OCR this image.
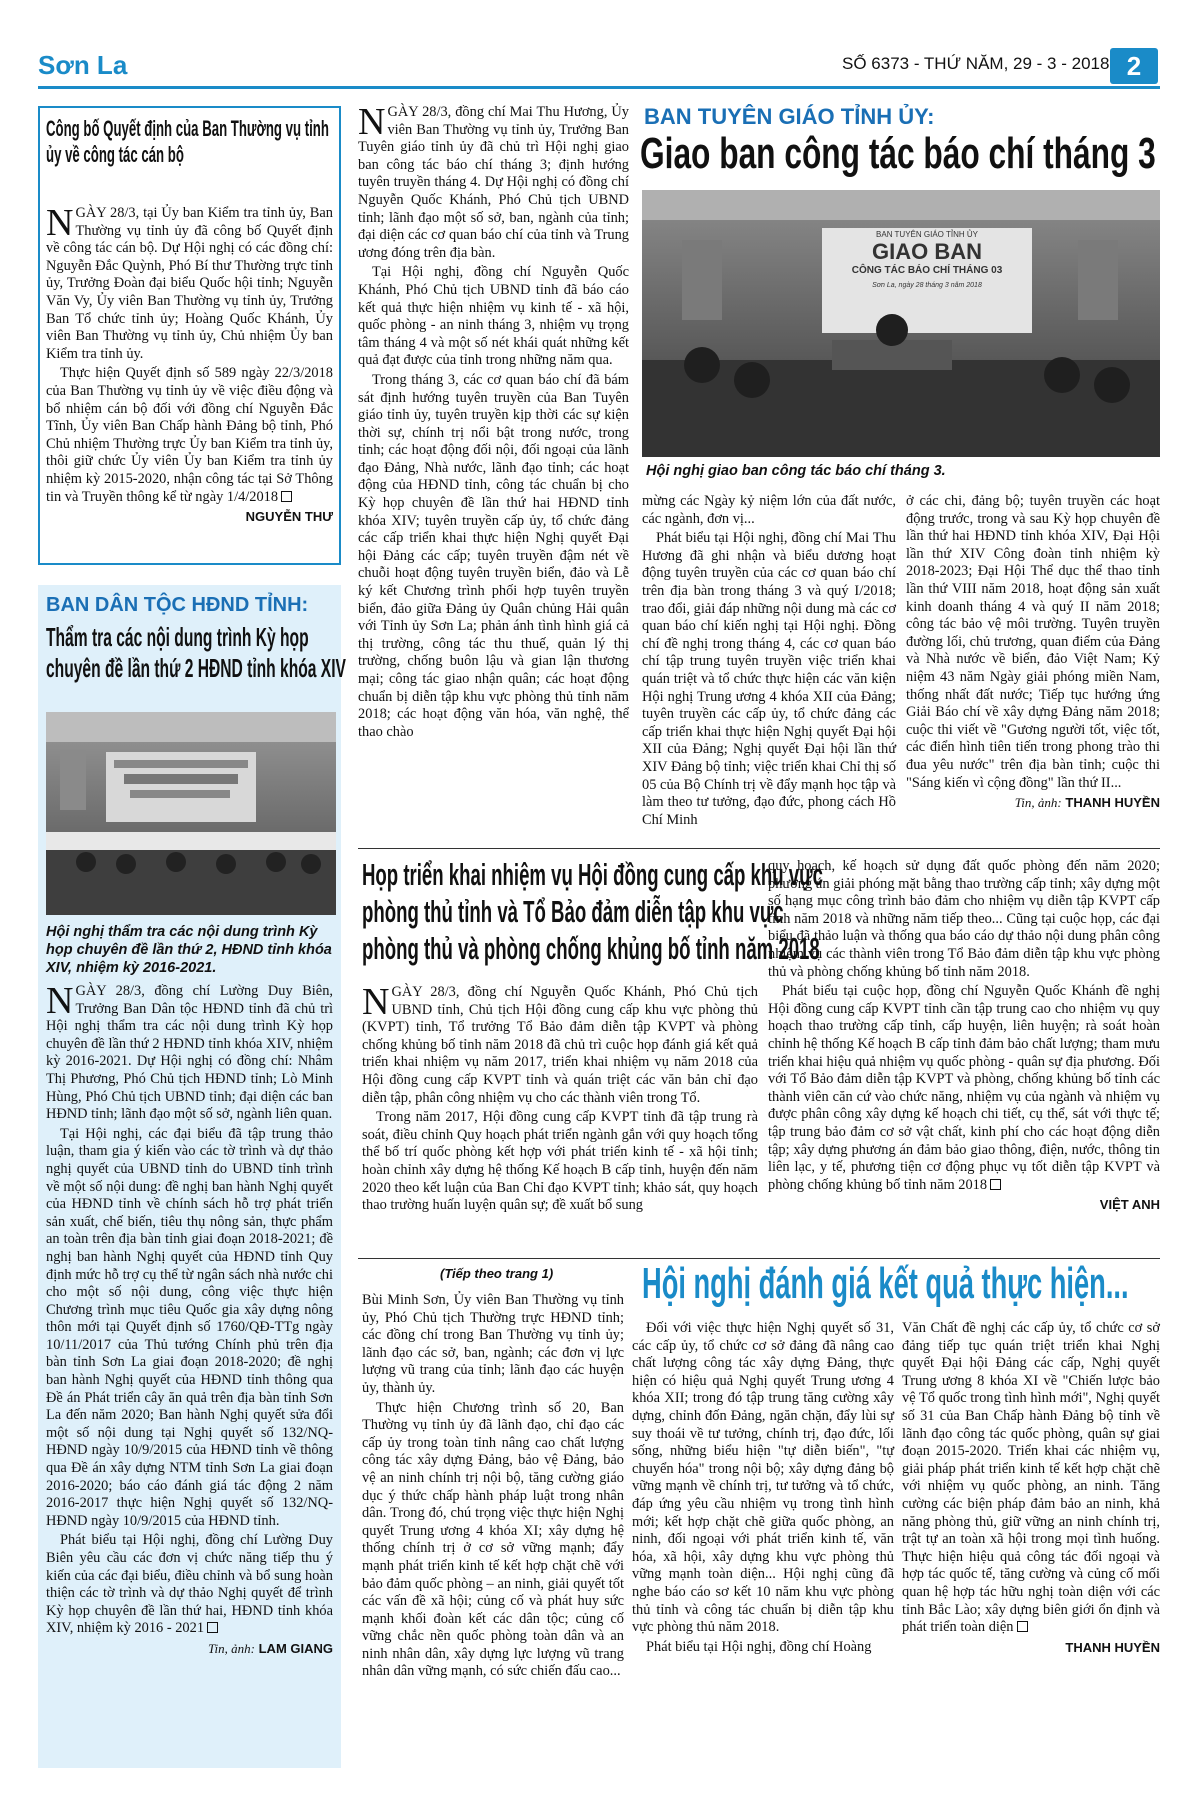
Sơn La	SỐ 6373 - THỨ NĂM, 29 - 3 - 2018 2
Công bố Quyết định của Ban Thường vụ tỉnh ủy về công tác cán bộ

NGÀY 28/3, tại Ủy ban Kiểm tra tỉnh ủy, Ban Thường vụ tỉnh ủy đã công bố Quyết định về công tác cán bộ. Dự Hội nghị có các đồng chí: Nguyễn Đắc Quỳnh, Phó Bí thư Thường trực tỉnh ủy, Trưởng Đoàn đại biểu Quốc hội tỉnh; Nguyễn Văn Vy, Ủy viên Ban Thường vụ tỉnh ủy, Trưởng Ban Tổ chức tỉnh ủy; Hoàng Quốc Khánh, Ủy viên Ban Thường vụ tỉnh ủy, Chủ nhiệm Ủy ban Kiểm tra tỉnh ủy.

Thực hiện Quyết định số 589 ngày 22/3/2018 của Ban Thường vụ tỉnh ủy về việc điều động và bổ nhiệm cán bộ đối với đồng chí Nguyễn Đắc Tĩnh, Ủy viên Ban Chấp hành Đảng bộ tỉnh, Phó Chủ nhiệm Thường trực Ủy ban Kiểm tra tỉnh ủy, thôi giữ chức Ủy viên Ủy ban Kiểm tra tỉnh ủy nhiệm kỳ 2015-2020, nhận công tác tại Sở Thông tin và Truyền thông kể từ ngày 1/4/2018

NGUYỄN THƯ
BAN DÂN TỘC HĐND TỈNH:
Thẩm tra các nội dung trình Kỳ họp
chuyên đề lần thứ 2 HĐND tỉnh khóa XIV
Hội nghị thẩm tra các nội dung trình Kỳ họp chuyên đề lần thứ 2, HĐND tỉnh khóa XIV, nhiệm kỳ 2016-2021.

NGÀY 28/3, đồng chí Lường Duy Biên, Trưởng Ban Dân tộc HĐND tỉnh đã chủ trì Hội nghị thẩm tra các nội dung trình Kỳ họp chuyên đề lần thứ 2 HĐND tỉnh khóa XIV, nhiệm kỳ 2016-2021. Dự Hội nghị có đồng chí: Nhâm Thị Phương, Phó Chủ tịch HĐND tỉnh; Lò Minh Hùng, Phó Chủ tịch UBND tỉnh; đại diện các ban HĐND tỉnh; lãnh đạo một số sở, ngành liên quan.

Tại Hội nghị, các đại biểu đã tập trung thảo luận, tham gia ý kiến vào các tờ trình và dự thảo nghị quyết của UBND tỉnh do UBND tỉnh trình về một số nội dung: đề nghị ban hành Nghị quyết của HĐND tỉnh về chính sách hỗ trợ phát triển sản xuất, chế biến, tiêu thụ nông sản, thực phẩm an toàn trên địa bàn tỉnh giai đoạn 2018-2021; đề nghị ban hành Nghị quyết của HĐND tỉnh Quy định mức hỗ trợ cụ thể từ ngân sách nhà nước chi cho một số nội dung, công việc thực hiện Chương trình mục tiêu Quốc gia xây dựng nông thôn mới tại Quyết định số 1760/QĐ-TTg ngày 10/11/2017 của Thủ tướng Chính phủ trên địa bàn tỉnh Sơn La giai đoạn 2018-2020; đề nghị ban hành Nghị quyết của HĐND tỉnh thông qua Đề án Phát triển cây ăn quả trên địa bàn tỉnh Sơn La đến năm 2020; Ban hành Nghị quyết sửa đổi một số nội dung tại Nghị quyết số 132/NQ-HĐND ngày 10/9/2015 của HĐND tỉnh về thông qua Đề án xây dựng NTM tỉnh Sơn La giai đoạn 2016-2020; báo cáo đánh giá tác động 2 năm 2016-2017 thực hiện Nghị quyết số 132/NQ-HĐND ngày 10/9/2015 của HĐND tỉnh.

Phát biểu tại Hội nghị, đồng chí Lường Duy Biên yêu cầu các đơn vị chức năng tiếp thu ý kiến của các đại biểu, điều chỉnh và bổ sung hoàn thiện các tờ trình và dự thảo Nghị quyết để trình Kỳ họp chuyên đề lần thứ hai, HĐND tỉnh khóa XIV, nhiệm kỳ 2016 - 2021

Tin, ảnh: LAM GIANG

NGÀY 28/3, đồng chí Mai Thu Hương, Ủy viên Ban Thường vụ tỉnh ủy, Trưởng Ban Tuyên giáo tỉnh ủy đã chủ trì Hội nghị giao ban công tác báo chí tháng 3; định hướng tuyên truyền tháng 4. Dự Hội nghị có đồng chí Nguyễn Quốc Khánh, Phó Chủ tịch UBND tỉnh; lãnh đạo một số sở, ban, ngành của tỉnh; đại diện các cơ quan báo chí của tỉnh và Trung ương đóng trên địa bàn.

Tại Hội nghị, đồng chí Nguyễn Quốc Khánh, Phó Chủ tịch UBND tỉnh đã báo cáo kết quả thực hiện nhiệm vụ kinh tế - xã hội, quốc phòng - an ninh tháng 3, nhiệm vụ trọng tâm tháng 4 và một số nét khái quát những kết quả đạt được của tỉnh trong những năm qua.

Trong tháng 3, các cơ quan báo chí đã bám sát định hướng tuyên truyền của Ban Tuyên giáo tỉnh ủy, tuyên truyền kịp thời các sự kiện thời sự, chính trị nổi bật trong nước, trong tỉnh; các hoạt động đối nội, đối ngoại của lãnh đạo Đảng, Nhà nước, lãnh đạo tỉnh; các hoạt động của HĐND tỉnh, công tác chuẩn bị cho Kỳ họp chuyên đề lần thứ hai HĐND tỉnh khóa XIV; tuyên truyền cấp ủy, tổ chức đảng các cấp triển khai thực hiện Nghị quyết Đại hội Đảng các cấp; tuyên truyền đậm nét về chuỗi hoạt động tuyên truyền biển, đảo và Lễ ký kết Chương trình phối hợp tuyên truyền biển, đảo giữa Đảng ủy Quân chủng Hải quân với Tỉnh ủy Sơn La; phản ánh tình hình giá cả thị trường, công tác thu thuế, quản lý thị trường, chống buôn lậu và gian lận thương mại; công tác giao nhận quân; các hoạt động chuẩn bị diễn tập khu vực phòng thủ tỉnh năm 2018; các hoạt động văn hóa, văn nghệ, thể thao chào

BAN TUYÊN GIÁO TỈNH ỦY:
Giao ban công tác báo chí tháng 3
BAN TUYÊN GIÁO TỈNH ỦY
GIAO BAN
CÔNG TÁC BÁO CHÍ THÁNG 03
Sơn La, ngày 28 tháng 3 năm 2018
Hội nghị giao ban công tác báo chí tháng 3.

mừng các Ngày kỷ niệm lớn của đất nước, các ngành, đơn vị...

Phát biểu tại Hội nghị, đồng chí Mai Thu Hương đã ghi nhận và biểu dương hoạt động tuyên truyền của các cơ quan báo chí trên địa bàn trong tháng 3 và quý I/2018; trao đổi, giải đáp những nội dung mà các cơ quan báo chí kiến nghị tại Hội nghị. Đồng chí đề nghị trong tháng 4, các cơ quan báo chí tập trung tuyên truyền việc triển khai quán triệt và tổ chức thực hiện các văn kiện Hội nghị Trung ương 4 khóa XII của Đảng; tuyên truyền các cấp ủy, tổ chức đảng các cấp triển khai thực hiện Nghị quyết Đại hội XII của Đảng; Nghị quyết Đại hội lần thứ XIV Đảng bộ tỉnh; việc triển khai Chỉ thị số 05 của Bộ Chính trị về đẩy mạnh học tập và làm theo tư tưởng, đạo đức, phong cách Hồ Chí Minh

ở các chi, đảng bộ; tuyên truyền các hoạt động trước, trong và sau Kỳ họp chuyên đề lần thứ hai HĐND tỉnh khóa XIV, Đại Hội lần thứ XIV Công đoàn tỉnh nhiệm kỳ 2018-2023; Đại Hội Thể dục thể thao tỉnh lần thứ VIII năm 2018, hoạt động sản xuất kinh doanh tháng 4 và quý II năm 2018; công tác bảo vệ môi trường. Tuyên truyền đường lối, chủ trương, quan điểm của Đảng và Nhà nước về biển, đảo Việt Nam; Kỷ niệm 43 năm Ngày giải phóng miền Nam, thống nhất đất nước; Tiếp tục hướng ứng Giải Báo chí về xây dựng Đảng năm 2018; cuộc thi viết về "Gương người tốt, việc tốt, các điển hình tiên tiến trong phong trào thi đua yêu nước" trên địa bàn tỉnh; cuộc thi "Sáng kiến vì cộng đồng" lần thứ II...

Tin, ảnh: THANH HUYỀN
Họp triển khai nhiệm vụ Hội đồng cung cấp khu vực
phòng thủ tỉnh và Tổ Bảo đảm diễn tập khu vực
phòng thủ và phòng chống khủng bố tỉnh năm 2018

NGÀY 28/3, đồng chí Nguyễn Quốc Khánh, Phó Chủ tịch UBND tỉnh, Chủ tịch Hội đồng cung cấp khu vực phòng thủ (KVPT) tỉnh, Tổ trưởng Tổ Bảo đảm diễn tập KVPT và phòng chống khủng bố tỉnh năm 2018 đã chủ trì cuộc họp đánh giá kết quả triển khai nhiệm vụ năm 2017, triển khai nhiệm vụ năm 2018 của Hội đồng cung cấp KVPT tỉnh và quán triệt các văn bản chỉ đạo diễn tập, phân công nhiệm vụ cho các thành viên trong Tổ.

Trong năm 2017, Hội đồng cung cấp KVPT tỉnh đã tập trung rà soát, điều chỉnh Quy hoạch phát triển ngành gắn với quy hoạch tổng thể bố trí quốc phòng kết hợp với phát triển kinh tế - xã hội tỉnh; hoàn chỉnh xây dựng hệ thống Kế hoạch B cấp tỉnh, huyện đến năm 2020 theo kết luận của Ban Chỉ đạo KVPT tỉnh; khảo sát, quy hoạch thao trường huấn luyện quân sự; đề xuất bổ sung

quy hoạch, kế hoạch sử dụng đất quốc phòng đến năm 2020; phương án giải phóng mặt bằng thao trường cấp tỉnh; xây dựng một số hạng mục công trình bảo đảm cho nhiệm vụ diễn tập KVPT cấp tỉnh năm 2018 và những năm tiếp theo... Cũng tại cuộc họp, các đại biểu đã thảo luận và thống qua báo cáo dự thảo nội dung phân công nhiệm vụ các thành viên trong Tổ Bảo đảm diễn tập khu vực phòng thủ và phòng chống khủng bố tỉnh năm 2018.

Phát biểu tại cuộc họp, đồng chí Nguyễn Quốc Khánh đề nghị Hội đồng cung cấp KVPT tỉnh cần tập trung cao cho nhiệm vụ quy hoạch thao trường cấp tỉnh, cấp huyện, liên huyện; rà soát hoàn chỉnh hệ thống Kế hoạch B cấp tỉnh đảm bảo chất lượng; tham mưu triển khai hiệu quả nhiệm vụ quốc phòng - quân sự địa phương. Đối với Tổ Bảo đảm diễn tập KVPT và phòng, chống khủng bố tỉnh các thành viên căn cứ vào chức năng, nhiệm vụ của ngành và nhiệm vụ được phân công xây dựng kế hoạch chi tiết, cụ thể, sát với thực tế; tập trung bảo đảm cơ sở vật chất, kinh phí cho các hoạt động diễn tập; xây dựng phương án đảm bảo giao thông, điện, nước, thông tin liên lạc, y tế, phương tiện cơ động phục vụ tốt diễn tập KVPT và phòng chống khủng bố tỉnh năm 2018

VIỆT ANH
(Tiếp theo trang 1) Hội nghị đánh giá kết quả thực hiện...

Bùi Minh Sơn, Ủy viên Ban Thường vụ tỉnh ủy, Phó Chủ tịch Thường trực HĐND tỉnh; các đồng chí trong Ban Thường vụ tỉnh ủy; lãnh đạo các sở, ban, ngành; các đơn vị lực lượng vũ trang của tỉnh; lãnh đạo các huyện ủy, thành ủy.

Thực hiện Chương trình số 20, Ban Thường vụ tỉnh ủy đã lãnh đạo, chỉ đạo các cấp ủy trong toàn tỉnh nâng cao chất lượng công tác xây dựng Đảng, bảo vệ Đảng, bảo vệ an ninh chính trị nội bộ, tăng cường giáo dục ý thức chấp hành pháp luật trong nhân dân. Trong đó, chú trọng việc thực hiện Nghị quyết Trung ương 4 khóa XI; xây dựng hệ thống chính trị ở cơ sở vững mạnh; đẩy mạnh phát triển kinh tế kết hợp chặt chẽ với bảo đảm quốc phòng – an ninh, giải quyết tốt các vấn đề xã hội; củng cố và phát huy sức mạnh khối đoàn kết các dân tộc; củng cố vững chắc nền quốc phòng toàn dân và an ninh nhân dân, xây dựng lực lượng vũ trang nhân dân vững mạnh, có sức chiến đấu cao...

Đối với việc thực hiện Nghị quyết số 31, các cấp ủy, tổ chức cơ sở đảng đã nâng cao chất lượng công tác xây dựng Đảng, thực hiện có hiệu quả Nghị quyết Trung ương 4 khóa XII; trong đó tập trung tăng cường xây dựng, chỉnh đốn Đảng, ngăn chặn, đẩy lùi sự suy thoái về tư tưởng, chính trị, đạo đức, lối sống, những biểu hiện "tự diễn biến", "tự chuyển hóa" trong nội bộ; xây dựng đảng bộ vững mạnh về chính trị, tư tưởng và tổ chức, đáp ứng yêu cầu nhiệm vụ trong tình hình mới; kết hợp chặt chẽ giữa quốc phòng, an ninh, đối ngoại với phát triển kinh tế, văn hóa, xã hội, xây dựng khu vực phòng thủ vững mạnh toàn diện... Hội nghị cũng đã nghe báo cáo sơ kết 10 năm khu vực phòng thủ tỉnh và công tác chuẩn bị diễn tập khu vực phòng thủ năm 2018.

Phát biểu tại Hội nghị, đồng chí Hoàng

Văn Chất đề nghị các cấp ủy, tổ chức cơ sở đảng tiếp tục quán triệt triển khai Nghị quyết Đại hội Đảng các cấp, Nghị quyết Trung ương 8 khóa XI về "Chiến lược bảo vệ Tổ quốc trong tình hình mới", Nghị quyết số 31 của Ban Chấp hành Đảng bộ tỉnh về lãnh đạo công tác quốc phòng, quân sự giai đoạn 2015-2020. Triển khai các nhiệm vụ, giải pháp phát triển kinh tế kết hợp chặt chẽ với nhiệm vụ quốc phòng, an ninh. Tăng cường các biện pháp đảm bảo an ninh, khả năng phòng thủ, giữ vững an ninh chính trị, trật tự an toàn xã hội trong mọi tình huống. Thực hiện hiệu quả công tác đối ngoại và hợp tác quốc tế, tăng cường và củng cố mối quan hệ hợp tác hữu nghị toàn diện với các tỉnh Bắc Lào; xây dựng biên giới ổn định và phát triển toàn diện

THANH HUYỀN
